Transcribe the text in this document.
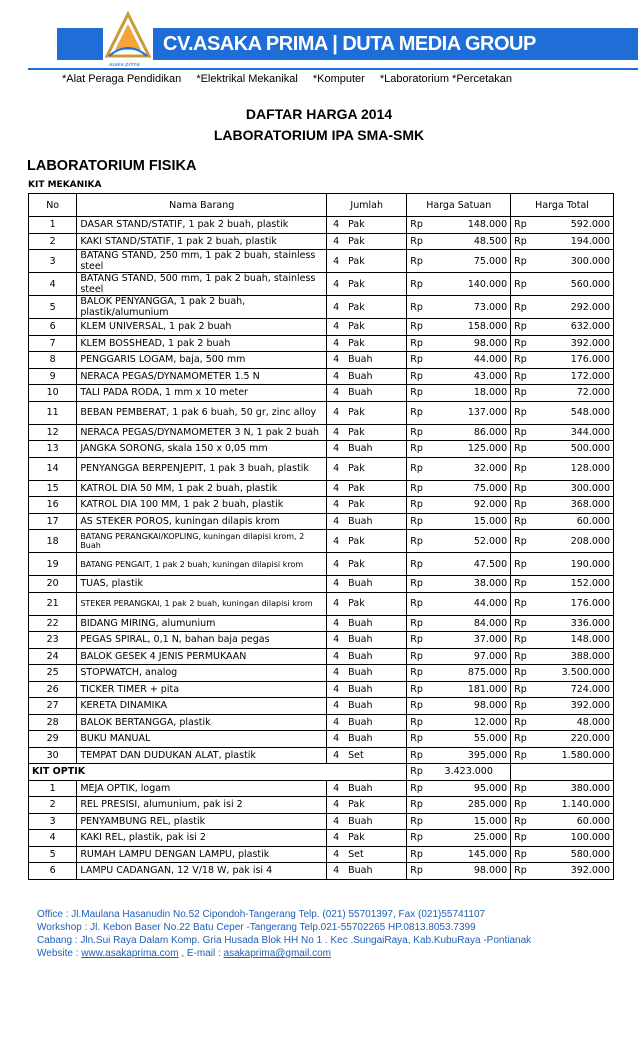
asaka prima
CV.ASAKA PRIMA | DUTA MEDIA GROUP
*Alat Peraga Pendidikan *Elektrikal Mekanikal *Komputer *Laboratorium *Percetakan
DAFTAR HARGA 2014
LABORATORIUM IPA SMA-SMK
LABORATORIUM FISIKA
KIT MEKANIKA
No	Nama Barang	Jumlah		Harga Satuan		Harga Total	
1	DASAR STAND/STATIF, 1 pak 2 buah, plastik	4	Pak	Rp	148.000	Rp	592.000
2	KAKI STAND/STATIF, 1 pak 2 buah, plastik	4	Pak	Rp	48.500	Rp	194.000
3	BATANG STAND, 250 mm, 1 pak 2 buah, stainless steel	4	Pak	Rp	75.000	Rp	300.000
4	BATANG STAND, 500 mm, 1 pak 2 buah, stainless steel	4	Pak	Rp	140.000	Rp	560.000
5	BALOK PENYANGGA, 1 pak 2 buah, plastik/alumunium	4	Pak	Rp	73.000	Rp	292.000
6	KLEM UNIVERSAL, 1 pak 2 buah	4	Pak	Rp	158.000	Rp	632.000
7	KLEM BOSSHEAD, 1 pak 2 buah	4	Pak	Rp	98.000	Rp	392.000
8	PENGGARIS LOGAM, baja, 500 mm	4	Buah	Rp	44.000	Rp	176.000
9	NERACA PEGAS/DYNAMOMETER 1.5 N	4	Buah	Rp	43.000	Rp	172.000
10	TALI PADA RODA, 1 mm x 10 meter	4	Buah	Rp	18.000	Rp	72.000
11	BEBAN PEMBERAT, 1 pak 6 buah, 50 gr, zinc alloy	4	Pak	Rp	137.000	Rp	548.000
12	NERACA PEGAS/DYNAMOMETER 3 N, 1 pak 2 buah	4	Pak	Rp	86.000	Rp	344.000
13	JANGKA SORONG, skala 150 x 0,05 mm	4	Buah	Rp	125.000	Rp	500.000
14	PENYANGGA BERPENJEPIT, 1 pak 3 buah, plastik	4	Pak	Rp	32.000	Rp	128.000
15	KATROL DIA 50 MM, 1 pak 2 buah, plastik	4	Pak	Rp	75.000	Rp	300.000
16	KATROL DIA 100 MM, 1 pak 2 buah, plastik	4	Pak	Rp	92.000	Rp	368.000
17	AS STEKER POROS, kuningan dilapis krom	4	Buah	Rp	15.000	Rp	60.000
18	BATANG PERANGKAI/KOPLING, kuningan dilapisi krom, 2 Buah	4	Pak	Rp	52.000	Rp	208.000
19	BATANG PENGAIT, 1 pak 2 buah, kuningan dilapisi krom	4	Pak	Rp	47.500	Rp	190.000
20	TUAS, plastik	4	Buah	Rp	38.000	Rp	152.000
21	STEKER PERANGKAI, 1 pak 2 buah, kuningan dilapisi krom	4	Pak	Rp	44.000	Rp	176.000
22	BIDANG MIRING, alumunium	4	Buah	Rp	84.000	Rp	336.000
23	PEGAS SPIRAL, 0,1 N, bahan baja pegas	4	Buah	Rp	37.000	Rp	148.000
24	BALOK GESEK 4 JENIS PERMUKAAN	4	Buah	Rp	97.000	Rp	388.000
25	STOPWATCH, analog	4	Buah	Rp	875.000	Rp	3.500.000
26	TICKER TIMER + pita	4	Buah	Rp	181.000	Rp	724.000
27	KERETA DINAMIKA	4	Buah	Rp	98.000	Rp	392.000
28	BALOK BERTANGGA, plastik	4	Buah	Rp	12.000	Rp	48.000
29	BUKU MANUAL	4	Buah	Rp	55.000	Rp	220.000
30	TEMPAT DAN DUDUKAN ALAT, plastik	4	Set	Rp	395.000	Rp	1.580.000
KIT OPTIK				Rp	3.423.000		
1	MEJA OPTIK, logam	4	Buah	Rp	95.000	Rp	380.000
2	REL PRESISI, alumunium, pak isi 2	4	Pak	Rp	285.000	Rp	1.140.000
3	PENYAMBUNG REL, plastik	4	Buah	Rp	15.000	Rp	60.000
4	KAKI REL, plastik, pak isi 2	4	Pak	Rp	25.000	Rp	100.000
5	RUMAH LAMPU DENGAN LAMPU, plastik	4	Set	Rp	145.000	Rp	580.000
6	LAMPU CADANGAN, 12 V/18 W, pak isi 4	4	Buah	Rp	98.000	Rp	392.000
Office : Jl.Maulana Hasanudin No.52 Cipondoh-Tangerang Telp. (021) 55701397, Fax (021)55741107
Workshop : Jl. Kebon Baser No.22 Batu Ceper -Tangerang Telp.021-55702265 HP.0813.8053.7399
Cabang : Jln.Sui Raya Dalam Komp. Gria Husada Blok HH No 1 . Kec .SungaiRaya, Kab.KubuRaya -Pontianak
Website : www.asakaprima.com , E-mail : asakaprima@gmail.com
